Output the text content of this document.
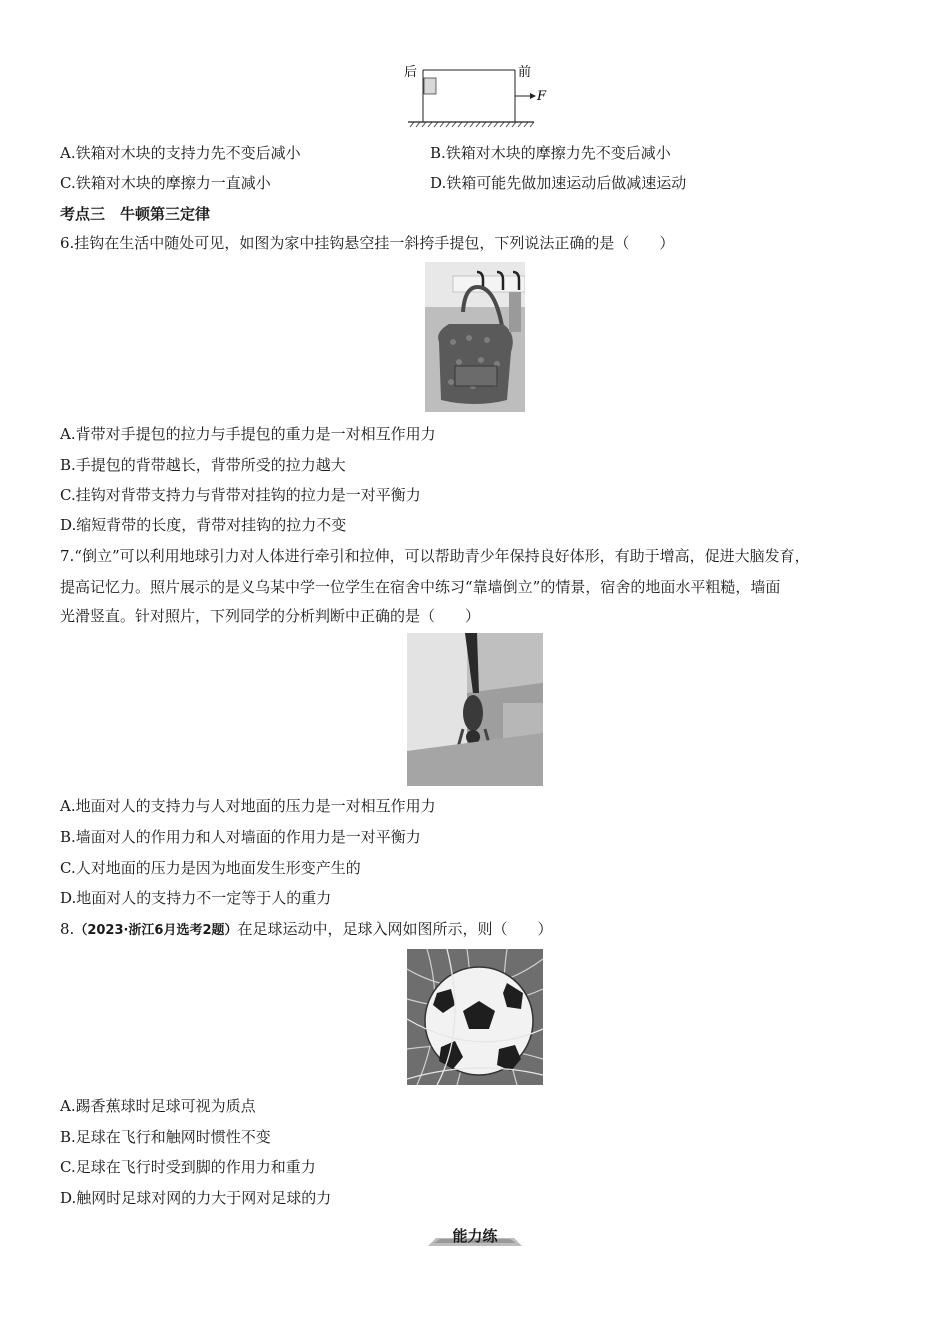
后	前
F
A.铁箱对木块的支持力先不变后减小	B.铁箱对木块的摩擦力先不变后减小
C.铁箱对木块的摩擦力一直减小	D.铁箱可能先做加速运动后做减速运动
考点三　牛顿第三定律
6.挂钩在生活中随处可见，如图为家中挂钩悬空挂一斜挎手提包，下列说法正确的是（　　）
A.背带对手提包的拉力与手提包的重力是一对相互作用力
B.手提包的背带越长，背带所受的拉力越大
C.挂钩对背带支持力与背带对挂钩的拉力是一对平衡力
D.缩短背带的长度，背带对挂钩的拉力不变
7.“倒立”可以利用地球引力对人体进行牵引和拉伸，可以帮助青少年保持良好体形，有助于增高，促进大脑发育，
提高记忆力。照片展示的是义乌某中学一位学生在宿舍中练习“靠墙倒立”的情景，宿舍的地面水平粗糙，墙面
光滑竖直。针对照片，下列同学的分析判断中正确的是（　　）
A.地面对人的支持力与人对地面的压力是一对相互作用力
B.墙面对人的作用力和人对墙面的作用力是一对平衡力
C.人对地面的压力是因为地面发生形变产生的
D.地面对人的支持力不一定等于人的重力
8.（2023·浙江6月选考2题）在足球运动中，足球入网如图所示，则（　　）
A.踢香蕉球时足球可视为质点
B.足球在飞行和触网时惯性不变
C.足球在飞行时受到脚的作用力和重力
D.触网时足球对网的力大于网对足球的力
能力练
